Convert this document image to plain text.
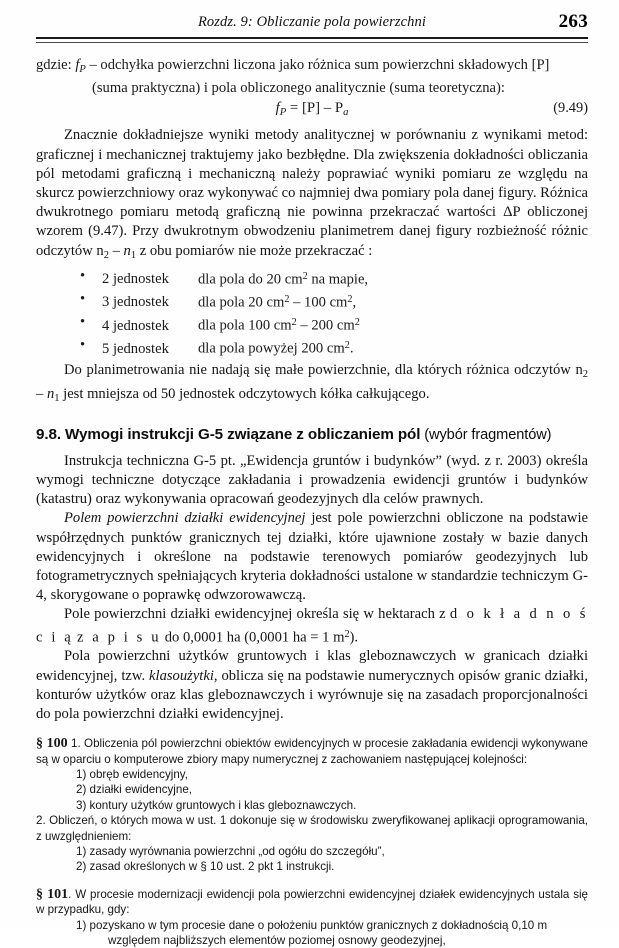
Rozdz. 9: Obliczanie pola powierzchni	263
gdzie: $f_P$ – odchyłka powierzchni liczona jako różnica sum powierzchni składowych [P]
(suma praktyczna) i pola obliczonego analitycznie (suma teoretyczna):
$f_P = [P] - P_a$	(9.49)

Znacznie dokładniejsze wyniki metody analitycznej w porównaniu z wynikami metod: graficznej i mechanicznej traktujemy jako bezbłędne. Dla zwiększenia dokładności obliczania pól metodami graficzną i mechaniczną należy poprawiać wyniki pomiaru ze względu na skurcz powierzchniowy oraz wykonywać co najmniej dwa pomiary pola danej figury. Różnica dwukrotnego pomiaru metodą graficzną nie powinna przekraczać wartości ΔP obliczonej wzorem (9.47). Przy dwukrotnym obwodzeniu planimetrem danej figury rozbieżność różnic odczytów $n_2 - n_1$ z obu pomiarów nie może przekraczać :

• 2 jednostek dla pola do 20 $cm^2$ na mapie,
• 3 jednostek dla pola 20 $cm^2 - 100$ $cm^2$,
• 4 jednostek dla pola 100 $cm^2 - 200$ $cm^2$
• 5 jednostek dla pola powyżej 200 $cm^2$.

Do planimetrowania nie nadają się małe powierzchnie, dla których różnica odczytów $n_2 - n_1$ jest mniejsza od 50 jednostek odczytowych kółka całkującego.

9.8. Wymogi instrukcji G-5 związane z obliczaniem pól (wybór fragmentów)

Instrukcja techniczna G-5 pt. „Ewidencja gruntów i budynków” (wyd. z r. 2003) określa wymogi techniczne dotyczące zakładania i prowadzenia ewidencji gruntów i budynków (katastru) oraz wykonywania opracowań geodezyjnych dla celów prawnych.

Polem powierzchni działki ewidencyjnej jest pole powierzchni obliczone na podstawie współrzędnych punktów granicznych tej działki, które ujawnione zostały w bazie danych ewidencyjnych i określone na podstawie terenowych pomiarów geodezyjnych lub fotogrametrycznych spełniających kryteria dokładności ustalone w standardzie techniczym G-4, skorygowane o poprawkę odwzorowawczą.

Pole powierzchni działki ewidencyjnej określa się w hektarach z d o k ł a d n o ś c i ą z a p i s u do 0,0001 ha (0,0001 ha = 1 $m^2$).

Pola powierzchni użytków gruntowych i klas gleboznawczych w granicach działki ewidencyjnej, tzw. klasoużytki, oblicza się na podstawie numerycznych opisów granic działki, konturów użytków oraz klas gleboznawczych i wyrównuje się na zasadach proporcjonalności do pola powierzchni działki ewidencyjnej.

§ 100 1. Obliczenia pól powierzchni obiektów ewidencyjnych w procesie zakładania ewidencji wykonywane są w oparciu o komputerowe zbiory mapy numerycznej z zachowaniem następującej kolejności:

1) obręb ewidencyjny,

2) działki ewidencyjne,

3) kontury użytków gruntowych i klas gleboznawczych.

2. Obliczeń, o których mowa w ust. 1 dokonuje się w środowisku zweryfikowanej aplikacji oprogramowania, z uwzględnieniem:

1) zasady wyrównania powierzchni „od ogółu do szczegółu”,

2) zasad określonych w § 10 ust. 2 pkt 1 instrukcji.

§ 101. W procesie modernizacji ewidencji pola powierzchni ewidencyjnej działek ewidencyjnych ustala się w przypadku, gdy:

1) pozyskano w tym procesie dane o położeniu punktów granicznych z dokładnością 0,10 m względem najbliższych elementów poziomej osnowy geodezyjnej,
